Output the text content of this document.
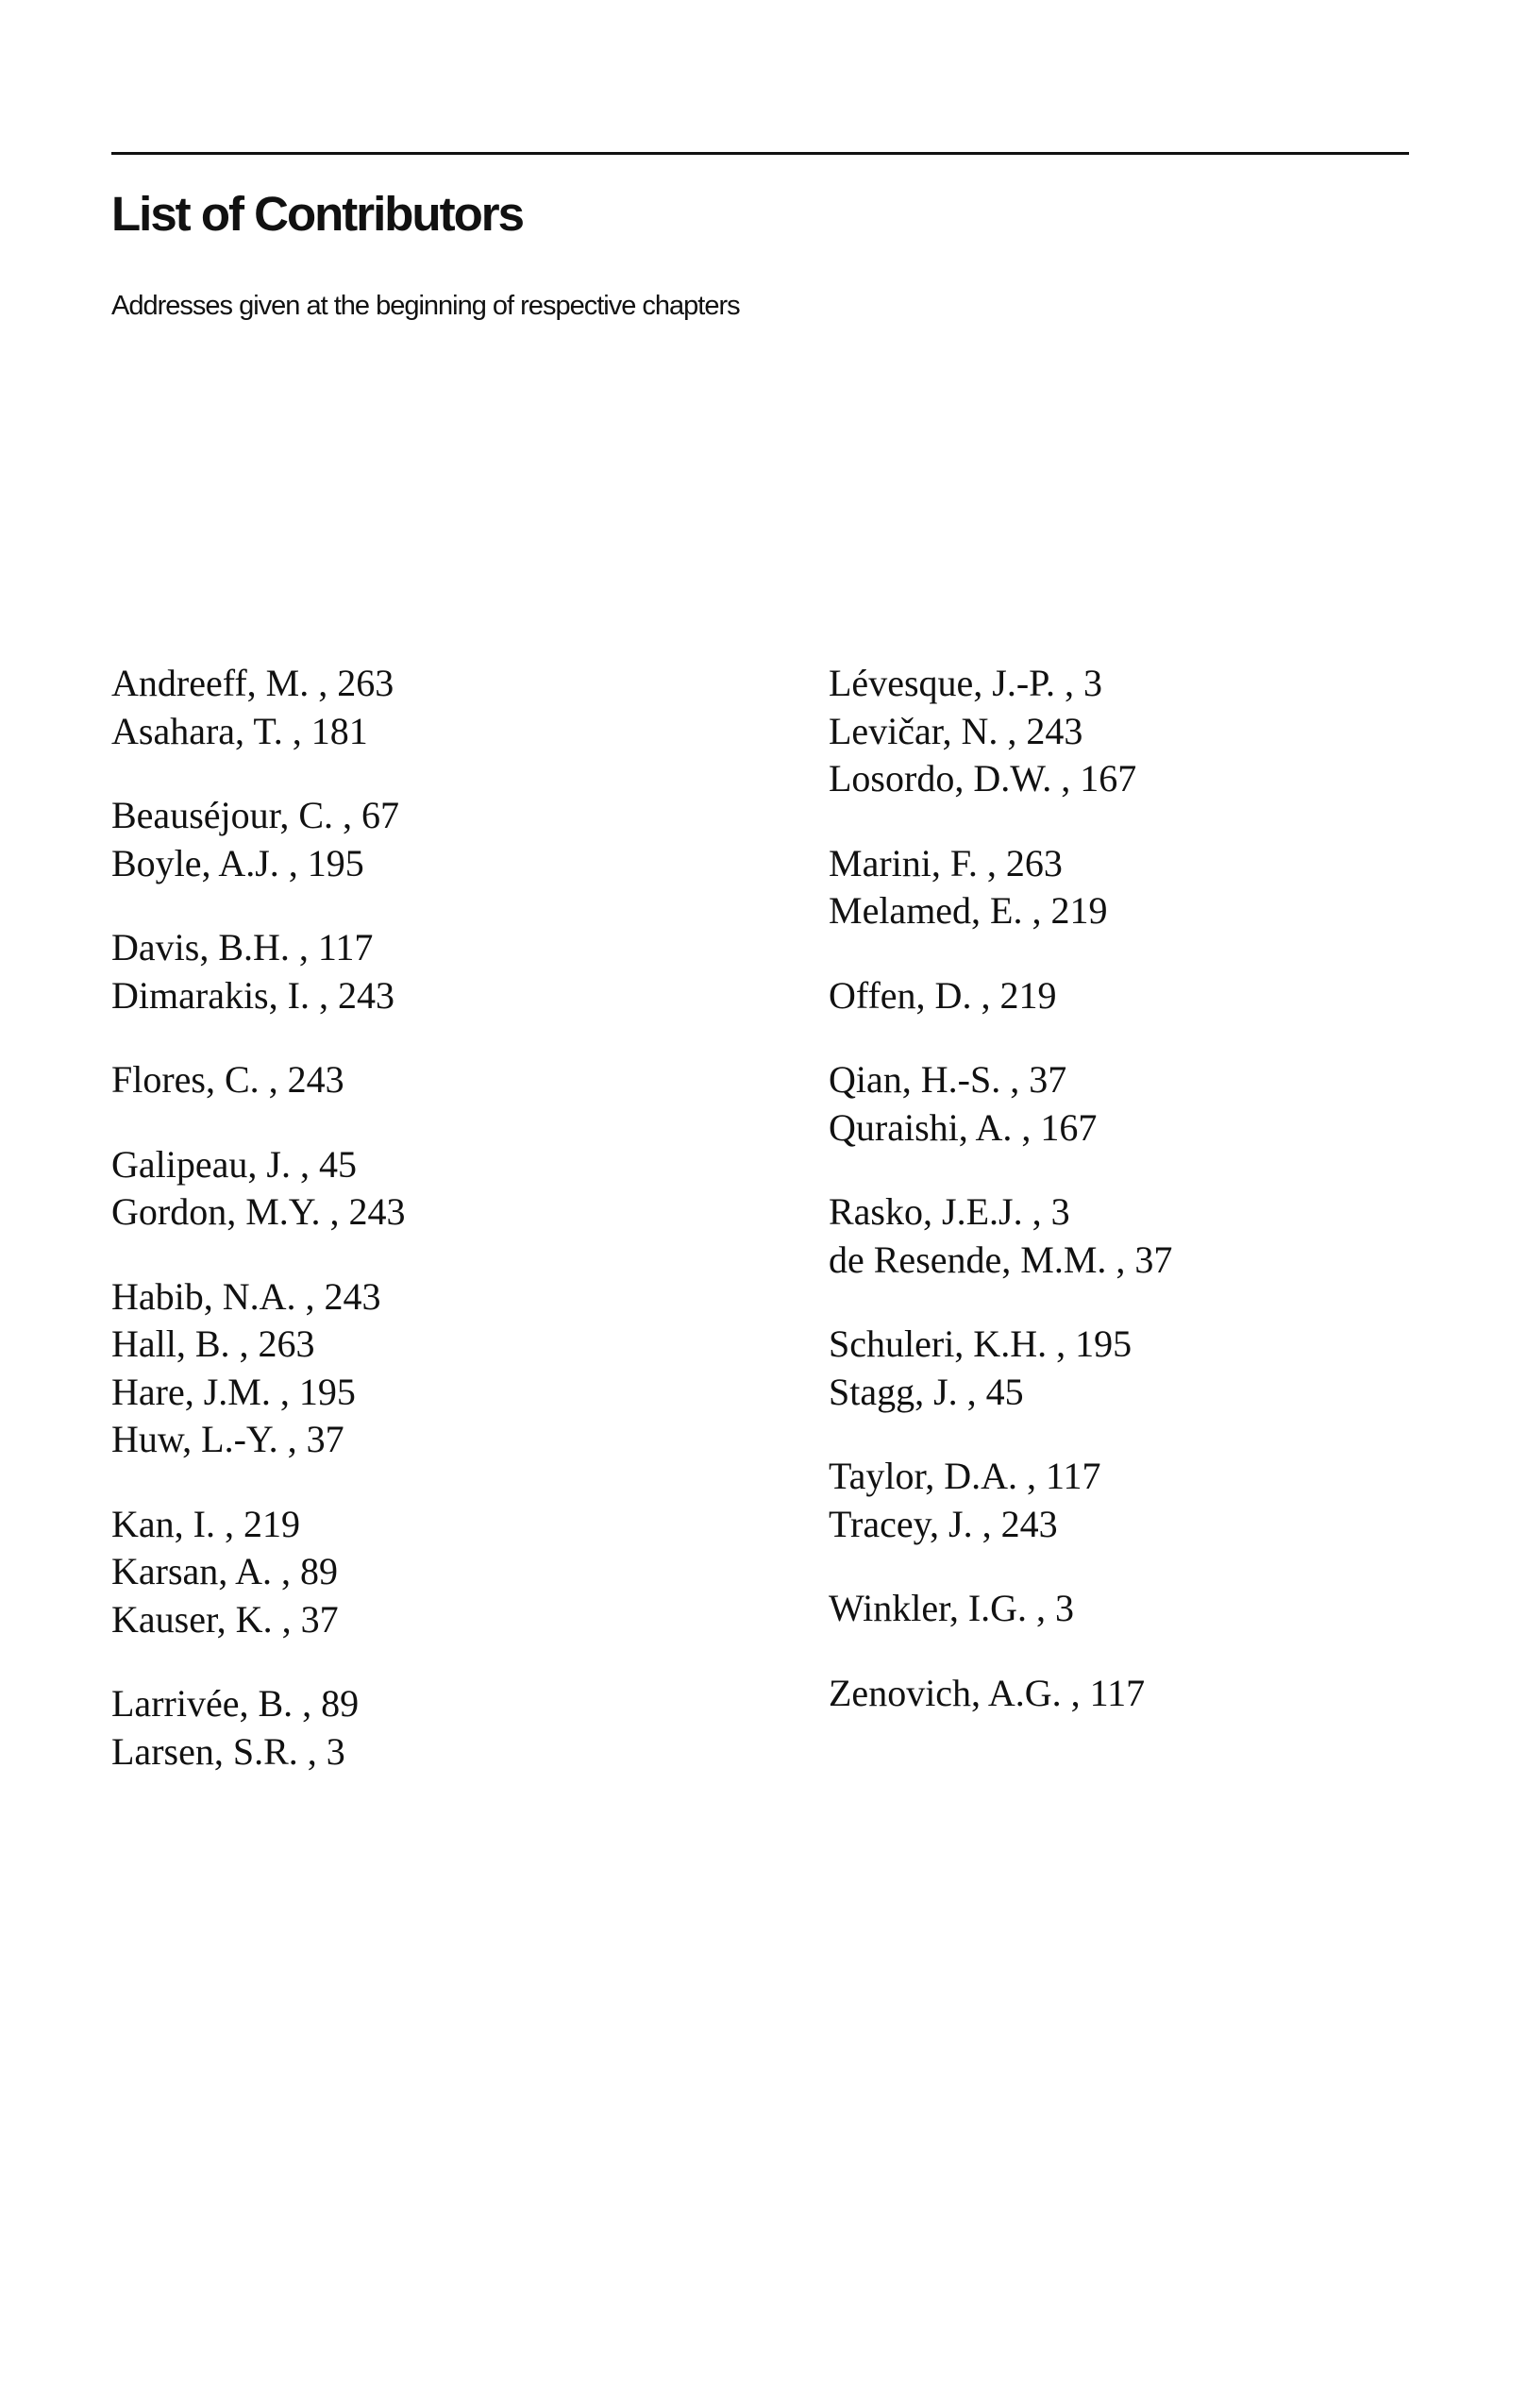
List of Contributors

Addresses given at the beginning of respective chapters

Andreeff, M. , 263
Asahara, T. , 181
Beauséjour, C. , 67
Boyle, A.J. , 195
Davis, B.H. , 117
Dimarakis, I. , 243
Flores, C. , 243
Galipeau, J. , 45
Gordon, M.Y. , 243
Habib, N.A. , 243
Hall, B. , 263
Hare, J.M. , 195
Huw, L.-Y. , 37
Kan, I. , 219
Karsan, A. , 89
Kauser, K. , 37
Larrivée, B. , 89
Larsen, S.R. , 3
Lévesque, J.-P. , 3
Levičar, N. , 243
Losordo, D.W. , 167
Marini, F. , 263
Melamed, E. , 219
Offen, D. , 219
Qian, H.-S. , 37
Quraishi, A. , 167
Rasko, J.E.J. , 3
de Resende, M.M. , 37
Schuleri, K.H. , 195
Stagg, J. , 45
Taylor, D.A. , 117
Tracey, J. , 243
Winkler, I.G. , 3
Zenovich, A.G. , 117
